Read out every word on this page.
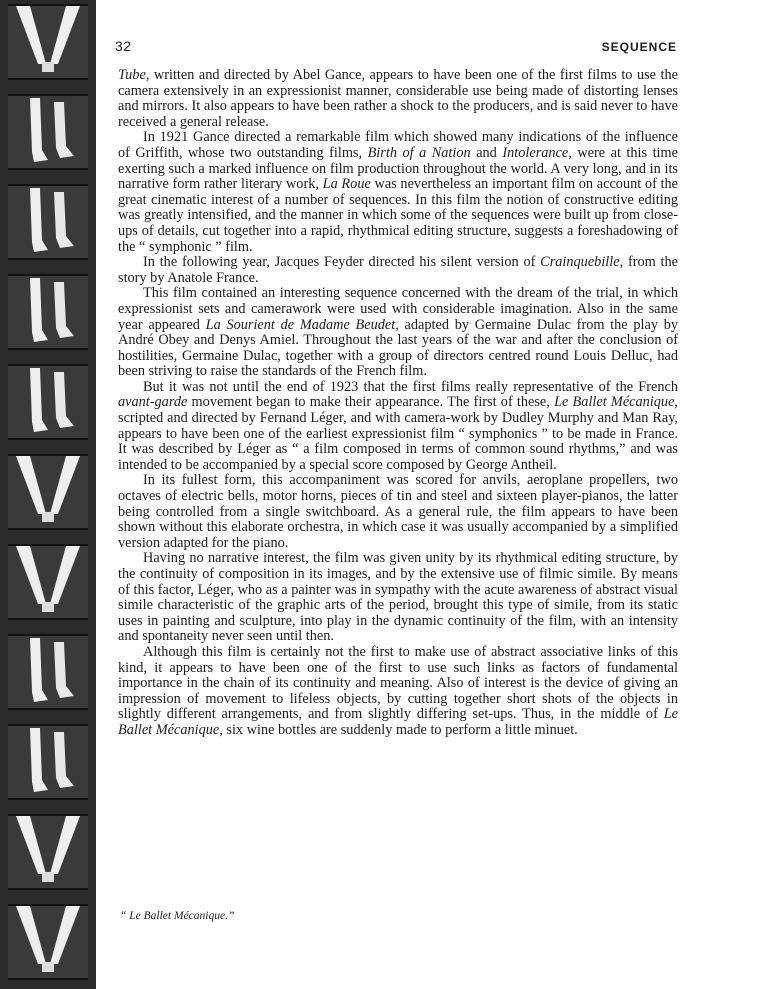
32	SEQUENCE

Tube, written and directed by Abel Gance, appears to have been one of the first films to use the camera extensively in an expressionist manner, considerable use being made of distorting lenses and mirrors. It also appears to have been rather a shock to the producers, and is said never to have received a general release.

In 1921 Gance directed a remarkable film which showed many indications of the influence of Griffith, whose two outstanding films, Birth of a Nation and Intolerance, were at this time exerting such a marked influence on film production throughout the world. A very long, and in its narrative form rather literary work, La Roue was nevertheless an important film on account of the great cinematic interest of a number of sequences. In this film the notion of constructive editing was greatly intensified, and the manner in which some of the sequences were built up from close-ups of details, cut together into a rapid, rhythmical editing structure, suggests a foreshadowing of the “ symphonic ” film.

In the following year, Jacques Feyder directed his silent version of Crainquebille, from the story by Anatole France.

This film contained an interesting sequence concerned with the dream of the trial, in which expressionist sets and camerawork were used with considerable imagination. Also in the same year appeared La Sourient de Madame Beudet, adapted by Germaine Dulac from the play by André Obey and Denys Amiel. Throughout the last years of the war and after the conclusion of hostilities, Germaine Dulac, together with a group of directors centred round Louis Delluc, had been striving to raise the standards of the French film.

But it was not until the end of 1923 that the first films really representative of the French avant-garde movement began to make their appearance. The first of these, Le Ballet Mécanique, scripted and directed by Fernand Léger, and with camera-work by Dudley Murphy and Man Ray, appears to have been one of the earliest expressionist film “ symphonics ” to be made in France. It was described by Léger as “ a film composed in terms of common sound rhythms,” and was intended to be accompanied by a special score composed by George Antheil.

In its fullest form, this accompaniment was scored for anvils, aeroplane propellers, two octaves of electric bells, motor horns, pieces of tin and steel and sixteen player-pianos, the latter being controlled from a single switchboard. As a general rule, the film appears to have been shown without this elaborate orchestra, in which case it was usually accompanied by a simplified version adapted for the piano.

Having no narrative interest, the film was given unity by its rhythmical editing structure, by the continuity of composition in its images, and by the extensive use of filmic simile. By means of this factor, Léger, who as a painter was in sympathy with the acute awareness of abstract visual simile characteristic of the graphic arts of the period, brought this type of simile, from its static uses in painting and sculpture, into play in the dynamic continuity of the film, with an intensity and spontaneity never seen until then.

Although this film is certainly not the first to make use of abstract associative links of this kind, it appears to have been one of the first to use such links as factors of fundamental importance in the chain of its continuity and meaning. Also of interest is the device of giving an impression of movement to lifeless objects, by cutting together short shots of the objects in slightly different arrangements, and from slightly differing set-ups. Thus, in the middle of Le Ballet Mécanique, six wine bottles are suddenly made to perform a little minuet.

“ Le Ballet Mécanique.”
